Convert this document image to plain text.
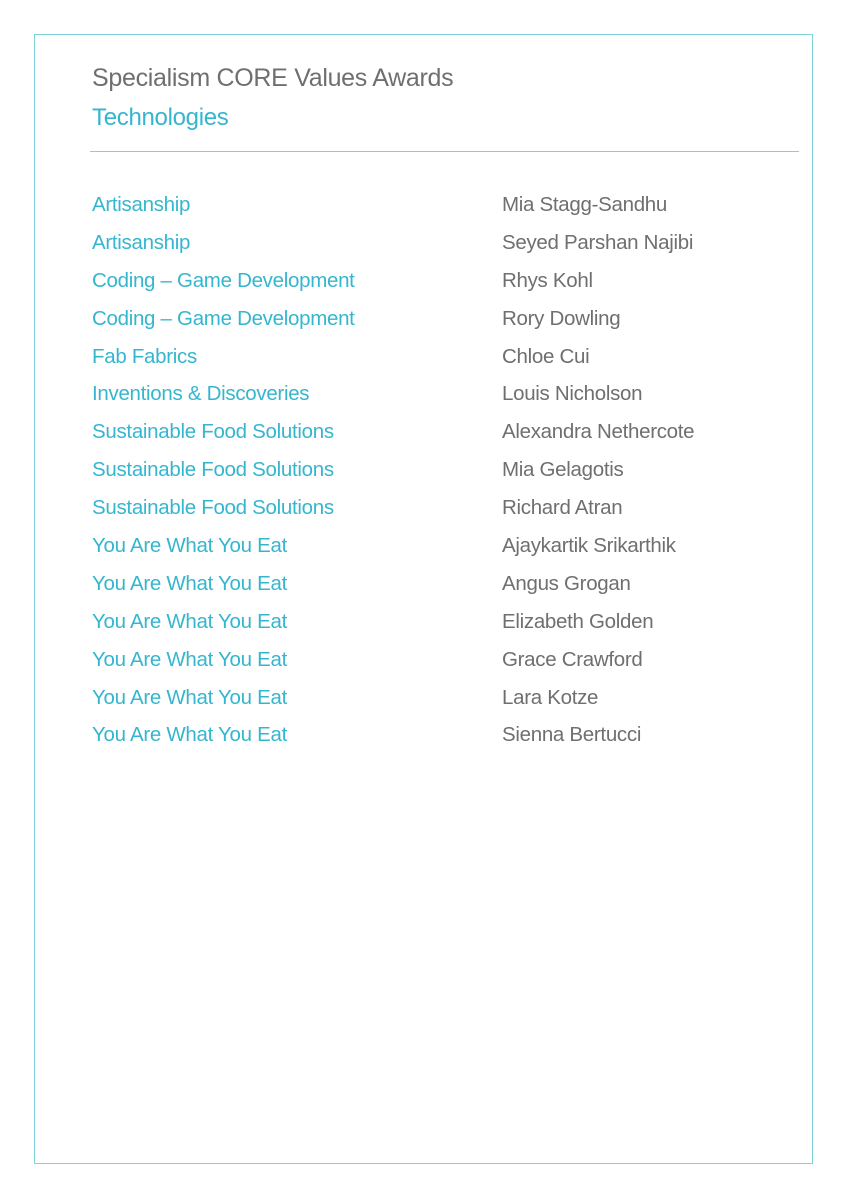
Specialism CORE Values Awards
Technologies
Artisanship	Mia Stagg-Sandhu
Artisanship	Seyed Parshan Najibi
Coding – Game Development	Rhys Kohl
Coding – Game Development	Rory Dowling
Fab Fabrics	Chloe Cui
Inventions & Discoveries	Louis Nicholson
Sustainable Food Solutions	Alexandra Nethercote
Sustainable Food Solutions	Mia Gelagotis
Sustainable Food Solutions	Richard Atran
You Are What You Eat	Ajaykartik Srikarthik
You Are What You Eat	Angus Grogan
You Are What You Eat	Elizabeth Golden
You Are What You Eat	Grace Crawford
You Are What You Eat	Lara Kotze
You Are What You Eat	Sienna Bertucci
